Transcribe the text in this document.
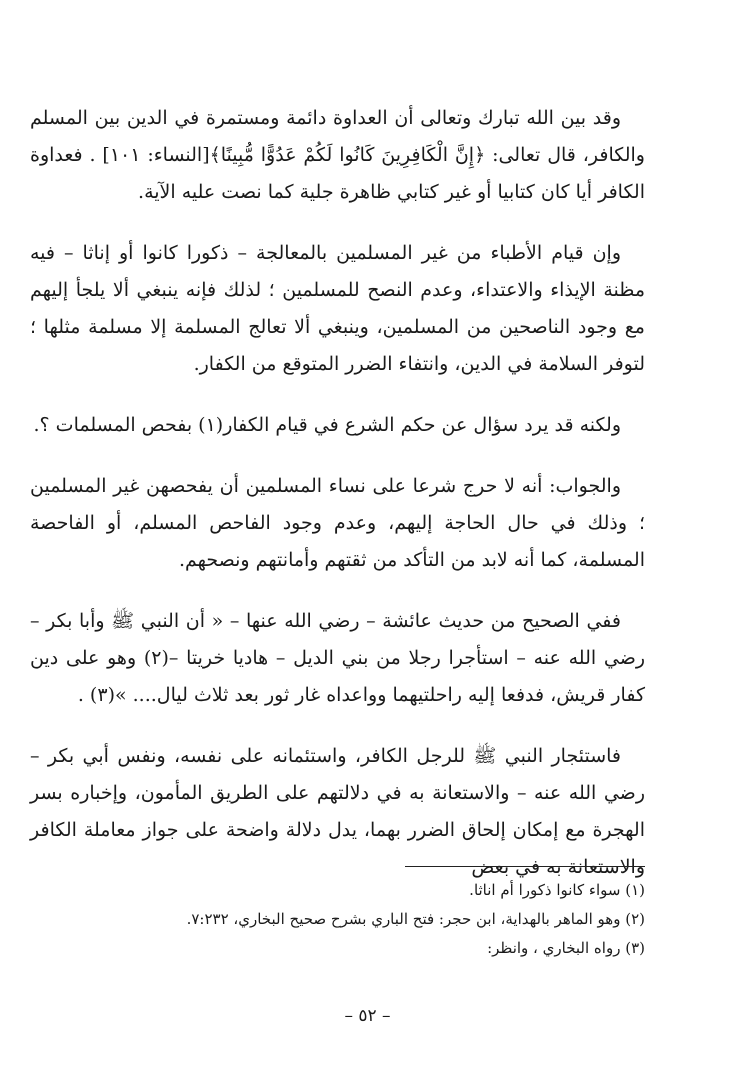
وقد بين الله تبارك وتعالى أن العداوة دائمة ومستمرة في الدين بين المسلم والكافر، قال تعالى: ﴿إِنَّ الْكَافِرِينَ كَانُوا لَكُمْ عَدُوًّا مُّبِينًا﴾[النساء: ١٠١] . فعداوة الكافر أيا كان كتابيا أو غير كتابي ظاهرة جلية كما نصت عليه الآية.

وإن قيام الأطباء من غير المسلمين بالمعالجة – ذكورا كانوا أو إناثا – فيه مظنة الإيذاء والاعتداء، وعدم النصح للمسلمين ؛ لذلك فإنه ينبغي ألا يلجأ إليهم مع وجود الناصحين من المسلمين، وينبغي ألا تعالج المسلمة إلا مسلمة مثلها ؛ لتوفر السلامة في الدين، وانتفاء الضرر المتوقع من الكفار.

ولكنه قد يرد سؤال عن حكم الشرع في قيام الكفار(١) بفحص المسلمات ؟.

والجواب: أنه لا حرج شرعا على نساء المسلمين أن يفحصهن غير المسلمين ؛ وذلك في حال الحاجة إليهم، وعدم وجود الفاحص المسلم، أو الفاحصة المسلمة، كما أنه لابد من التأكد من ثقتهم وأمانتهم ونصحهم.

ففي الصحيح من حديث عائشة – رضي الله عنها – « أن النبي ﷺ وأبا بكر – رضي الله عنه – استأجرا رجلا من بني الديل – هاديا خريتا –(٢) وهو على دين كفار قريش، فدفعا إليه راحلتيهما وواعداه غار ثور بعد ثلاث ليال.... »(٣) .

فاستئجار النبي ﷺ للرجل الكافر، واستئمانه على نفسه، ونفس أبي بكر – رضي الله عنه – والاستعانة به في دلالتهم على الطريق المأمون، وإخباره بسر الهجرة مع إمكان إلحاق الضرر بهما، يدل دلالة واضحة على جواز معاملة الكافر والاستعانة به في بعض

(١) سواء كانوا ذكورا أم اناثا.
(٢) وهو الماهر بالهداية، ابن حجر: فتح الباري بشرح صحيح البخاري، ٧:٢٣٢.
(٣) رواه البخاري ، وانظر:
– ٥٢ –
